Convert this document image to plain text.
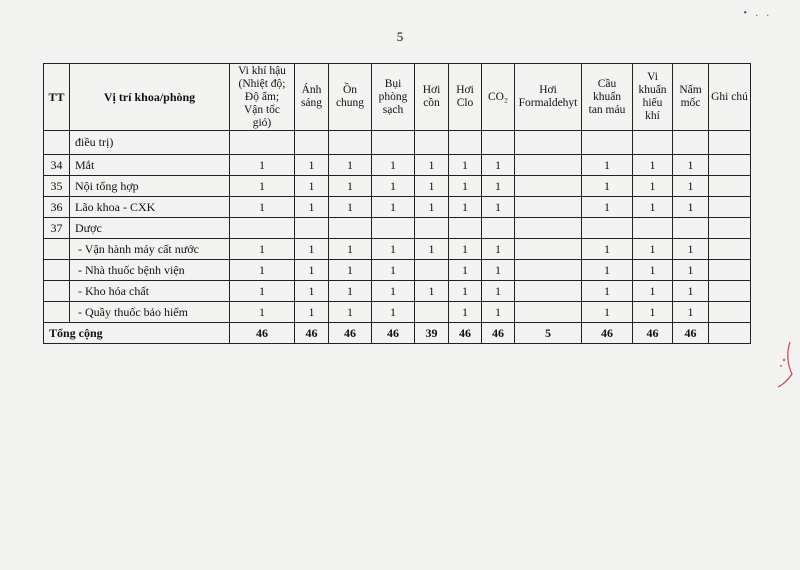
• . .
5
TT	Vị trí khoa/phòng	Vi khí hậu
(Nhiệt độ;
Độ ẩm;
Vận tốc
gió)	Ánh
sáng	Ồn
chung	Bụi
phòng
sạch	Hơi
cồn	Hơi
Clo	CO₂	Hơi
Formaldehyt	Cầu
khuẩn
tan máu	Vi
khuẩn
hiếu
khí	Nấm
mốc	Ghi chú
	điều trị)												
34	Mắt	1	1	1	1	1	1	1		1	1	1	
35	Nội tổng hợp	1	1	1	1	1	1	1		1	1	1	
36	Lão khoa - CXK	1	1	1	1	1	1	1		1	1	1	
37	Dược												
	- Vận hành máy cất nước	1	1	1	1	1	1	1		1	1	1	
	- Nhà thuốc bệnh viện	1	1	1	1		1	1		1	1	1	
	- Kho hóa chất	1	1	1	1	1	1	1		1	1	1	
	- Quầy thuốc bảo hiểm	1	1	1	1		1	1		1	1	1	
Tổng cộng		46	46	46	46	39	46	46	5	46	46	46	
